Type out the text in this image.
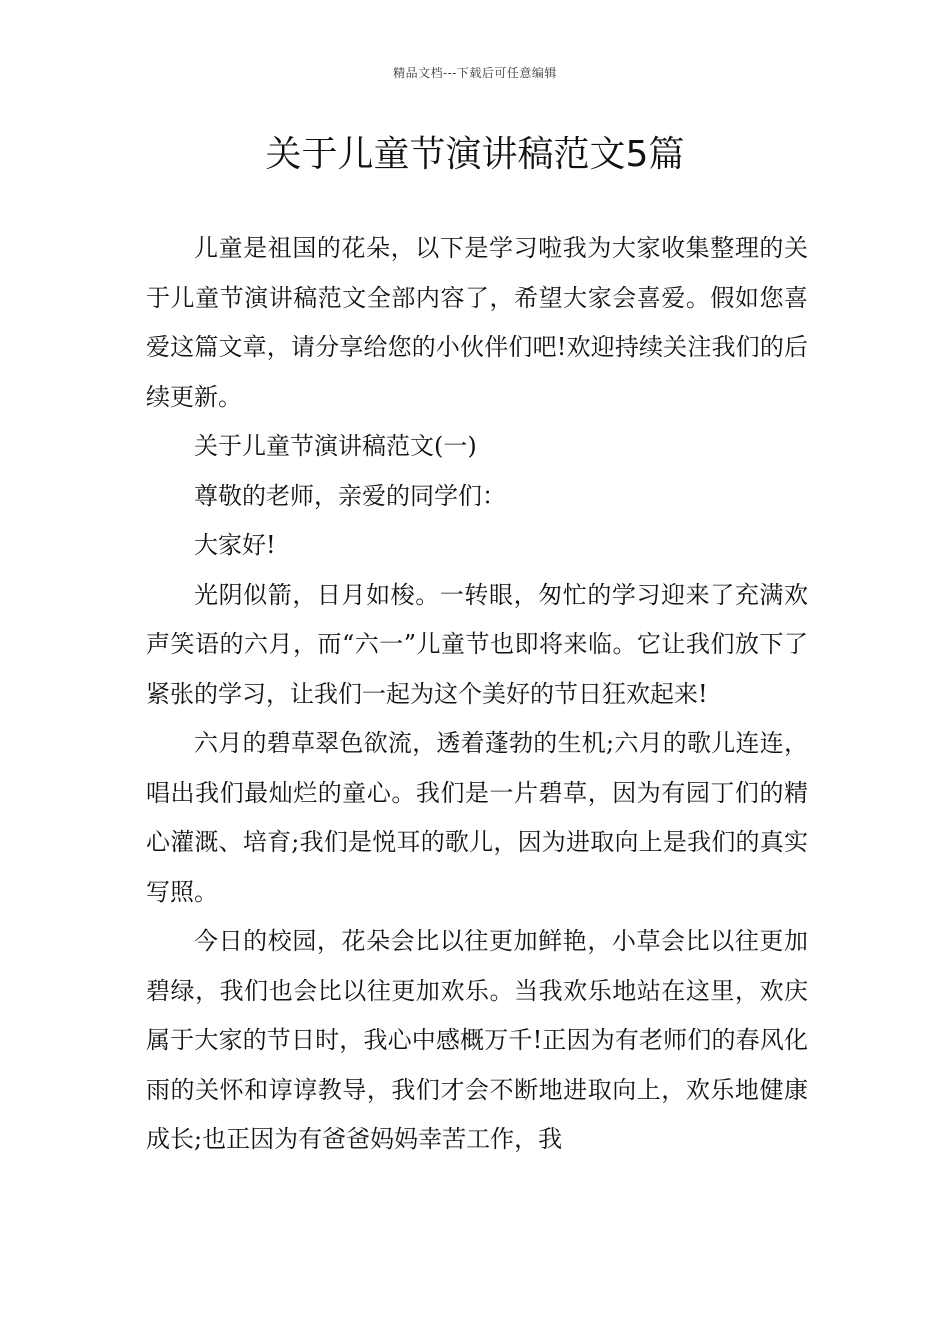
精品文档---下载后可任意编辑
关于儿童节演讲稿范文5篇

儿童是祖国的花朵，以下是学习啦我为大家收集整理的关于儿童节演讲稿范文全部内容了，希望大家会喜爱。假如您喜爱这篇文章，请分享给您的小伙伴们吧!欢迎持续关注我们的后续更新。

关于儿童节演讲稿范文(一)

尊敬的老师，亲爱的同学们：

大家好!

光阴似箭，日月如梭。一转眼，匆忙的学习迎来了充满欢声笑语的六月，而“六一”儿童节也即将来临。它让我们放下了紧张的学习，让我们一起为这个美好的节日狂欢起来!

六月的碧草翠色欲流，透着蓬勃的生机;六月的歌儿连连，唱出我们最灿烂的童心。我们是一片碧草，因为有园丁们的精心灌溉、培育;我们是悦耳的歌儿，因为进取向上是我们的真实写照。

今日的校园，花朵会比以往更加鲜艳，小草会比以往更加碧绿，我们也会比以往更加欢乐。当我欢乐地站在这里，欢庆属于大家的节日时，我心中感概万千!正因为有老师们的春风化雨的关怀和谆谆教导，我们才会不断地进取向上，欢乐地健康成长;也正因为有爸爸妈妈幸苦工作，我
